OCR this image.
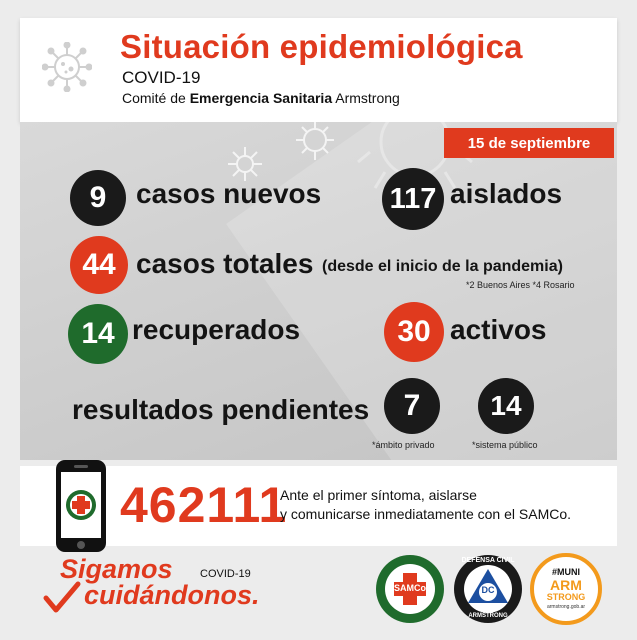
Situación epidemiológica
COVID-19
Comité de Emergencia Sanitaria Armstrong
15 de septiembre
9 casos nuevos 117 aislados
44 casos totales (desde el inicio de la pandemia)
*2 Buenos Aires *4 Rosario
14 recuperados	30 activos
resultados pendientes 7
*ámbito privado
14
*sistema público
462111
Ante el primer síntoma, aislarse
y comunicarse inmediatamente con el SAMCo.
Sigamos
cuidándonos.
COVID-19
SAMCo
DEFENSA CIVIL
DC
ARMSTRONG
#MUNI
ARM
STRONG
armstrong.gob.ar
